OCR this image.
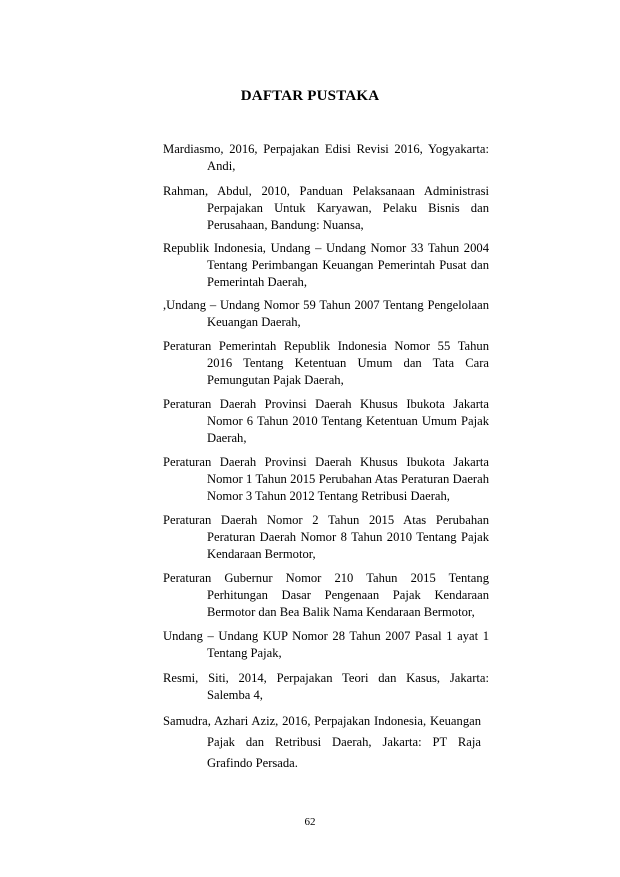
DAFTAR PUSTAKA
Mardiasmo, 2016, Perpajakan Edisi Revisi 2016, Yogyakarta: Andi,
Rahman, Abdul, 2010, Panduan Pelaksanaan Administrasi Perpajakan Untuk Karyawan, Pelaku Bisnis dan Perusahaan, Bandung: Nuansa,
Republik Indonesia, Undang – Undang Nomor 33 Tahun 2004 Tentang Perimbangan Keuangan Pemerintah Pusat dan Pemerintah Daerah,
,Undang – Undang Nomor 59 Tahun 2007 Tentang Pengelolaan Keuangan Daerah,
Peraturan Pemerintah Republik Indonesia Nomor 55 Tahun 2016 Tentang Ketentuan Umum dan Tata Cara Pemungutan Pajak Daerah,
Peraturan Daerah Provinsi Daerah Khusus Ibukota Jakarta Nomor 6 Tahun 2010 Tentang Ketentuan Umum Pajak Daerah,
Peraturan Daerah Provinsi Daerah Khusus Ibukota Jakarta Nomor 1 Tahun 2015 Perubahan Atas Peraturan Daerah Nomor 3 Tahun 2012 Tentang Retribusi Daerah,
Peraturan Daerah Nomor 2 Tahun 2015 Atas Perubahan Peraturan Daerah Nomor 8 Tahun 2010 Tentang Pajak Kendaraan Bermotor,
Peraturan Gubernur Nomor 210 Tahun 2015 Tentang Perhitungan Dasar Pengenaan Pajak Kendaraan Bermotor dan Bea Balik Nama Kendaraan Bermotor,
Undang – Undang KUP Nomor 28 Tahun 2007 Pasal 1 ayat 1 Tentang Pajak,
Resmi, Siti, 2014, Perpajakan Teori dan Kasus, Jakarta: Salemba 4,
Samudra, Azhari Aziz, 2016, Perpajakan Indonesia, Keuangan Pajak dan Retribusi Daerah, Jakarta: PT Raja Grafindo Persada.
62
